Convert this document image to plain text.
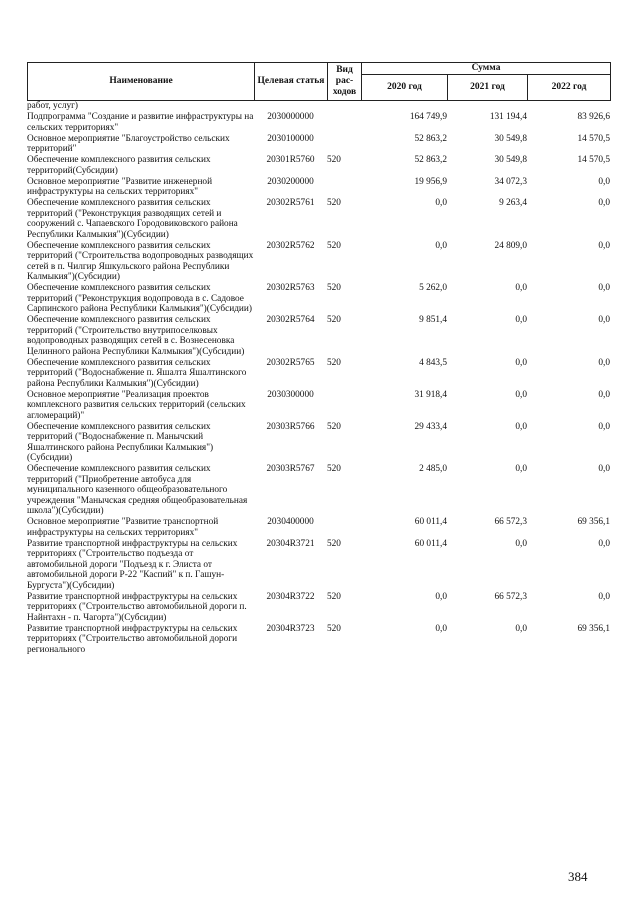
Наименование	Целевая статья	Вид рас-ходов	Сумма		
			2020 год	2021 год	2022 год
работ, услуг)					
Подпрограмма "Создание и развитие инфраструктуры на сельских территориях"	2030000000		164 749,9	131 194,4	83 926,6
Основное мероприятие "Благоустройство сельских территорий"	2030100000		52 863,2	30 549,8	14 570,5
Обеспечение комплексного развития сельских территорий(Субсидии)	20301R5760	520	52 863,2	30 549,8	14 570,5
Основное мероприятие "Развитие инженерной инфраструктуры на сельских территориях"	2030200000		19 956,9	34 072,3	0,0
Обеспечение комплексного развития сельских территорий ("Реконструкция разводящих сетей и сооружений с. Чапаевского Городовиковского района Республики Калмыкия")(Субсидии)	20302R5761	520	0,0	9 263,4	0,0
Обеспечение комплексного развития сельских территорий ("Строительства водопроводных разводящих сетей в п. Чилгир Яшкульского района Республики Калмыкия")(Субсидии)	20302R5762	520	0,0	24 809,0	0,0
Обеспечение комплексного развития сельских территорий ("Реконструкция водопровода в с. Садовое Сарпинского района Республики Калмыкия")(Субсидии)	20302R5763	520	5 262,0	0,0	0,0
Обеспечение комплексного развития сельских территорий ("Строительство внутрипоселковых водопроводных разводящих сетей в с. Вознесеновка Целинного района Республики Калмыкия")(Субсидии)	20302R5764	520	9 851,4	0,0	0,0
Обеспечение комплексного развития сельских территорий ("Водоснабжение п. Яшалта Яшалтинского района Республики Калмыкия")(Субсидии)	20302R5765	520	4 843,5	0,0	0,0
Основное мероприятие "Реализация проектов комплексного развития сельских территорий (сельских агломераций)"	2030300000		31 918,4	0,0	0,0
Обеспечение комплексного развития сельских территорий ("Водоснабжение п. Манычский Яшалтинского района Республики Калмыкия")(Субсидии)	20303R5766	520	29 433,4	0,0	0,0
Обеспечение комплексного развития сельских территорий ("Приобретение автобуса для муниципального казенного общеобразовательного учреждения "Манычская средняя общеобразовательная школа")(Субсидии)	20303R5767	520	2 485,0	0,0	0,0
Основное мероприятие "Развитие транспортной инфраструктуры на сельских территориях"	2030400000		60 011,4	66 572,3	69 356,1
Развитие транспортной инфраструктуры на сельских территориях ("Строительство подъезда от автомобильной дороги "Подъезд к г. Элиста от автомобильной дороги Р-22 "Каспий" к п. Гашун-Бургуста")(Субсидии)	20304R3721	520	60 011,4	0,0	0,0
Развитие транспортной инфраструктуры на сельских территориях ("Строительство автомобильной дороги п. Найнтахн - п. Чагорта")(Субсидии)	20304R3722	520	0,0	66 572,3	0,0
Развитие транспортной инфраструктуры на сельских территориях ("Строительство автомобильной дороги регионального	20304R3723	520	0,0	0,0	69 356,1
384
